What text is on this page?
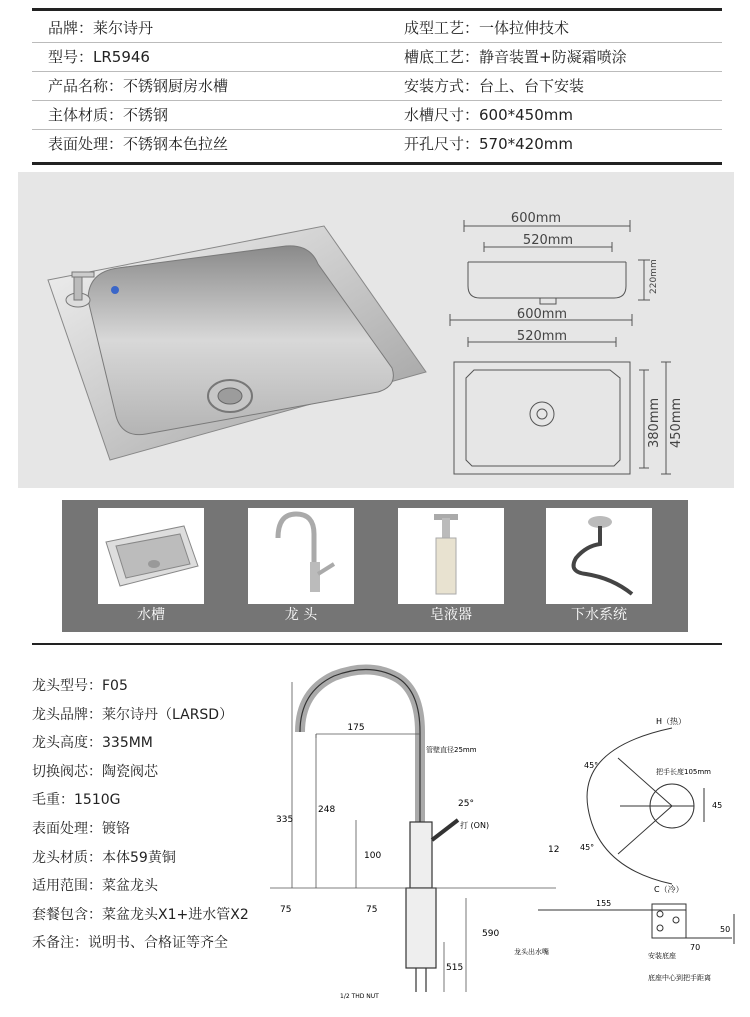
品牌：莱尔诗丹	成型工艺：一体拉伸技术
型号：LR5946	槽底工艺：静音装置+防凝霜喷涂
产品名称：不锈钢厨房水槽	安装方式：台上、台下安装
主体材质：不锈钢	水槽尺寸：600*450mm
表面处理：不锈钢本色拉丝	开孔尺寸：570*420mm
600mm
520mm
220mm
600mm
520mm
380mm 450mm
水槽	龙 头	皂液器	下水系统
龙头型号：F05
龙头品牌：莱尔诗丹（LARSD）
龙头高度：335MM
切换阀芯：陶瓷阀芯
毛重：1510G
表面处理：镀铬
龙头材质：本体59黄铜
适用范围：菜盆龙头
套餐包含：菜盆龙头X1+进水管X2
禾备注：说明书、合格证等齐全
175
248
335
100
75	75
590
515
25°
管壁直径25mm
打 (ON)
12
1/2 THD NUT
H（热）
C（冷）
45°
45°
把手长度105mm
45
155
70
50
龙头出水嘴	安装底座
底座中心到把手距离
